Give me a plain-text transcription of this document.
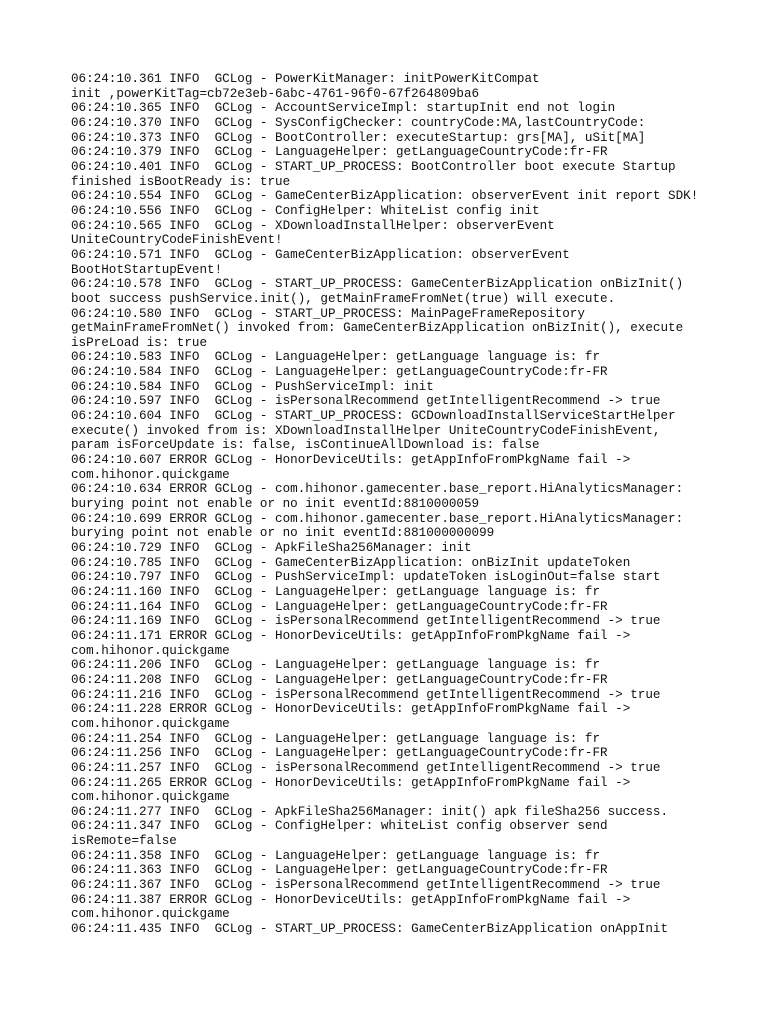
06:24:10.361 INFO  GCLog - PowerKitManager: initPowerKitCompat
init ,powerKitTag=cb72e3eb-6abc-4761-96f0-67f264809ba6
06:24:10.365 INFO  GCLog - AccountServiceImpl: startupInit end not login
06:24:10.370 INFO  GCLog - SysConfigChecker: countryCode:MA,lastCountryCode:
06:24:10.373 INFO  GCLog - BootController: executeStartup: grs[MA], uSit[MA]
06:24:10.379 INFO  GCLog - LanguageHelper: getLanguageCountryCode:fr-FR
06:24:10.401 INFO  GCLog - START_UP_PROCESS: BootController boot execute Startup
finished isBootReady is: true
06:24:10.554 INFO  GCLog - GameCenterBizApplication: observerEvent init report SDK!
06:24:10.556 INFO  GCLog - ConfigHelper: WhiteList config init
06:24:10.565 INFO  GCLog - XDownloadInstallHelper: observerEvent
UniteCountryCodeFinishEvent!
06:24:10.571 INFO  GCLog - GameCenterBizApplication: observerEvent
BootHotStartupEvent!
06:24:10.578 INFO  GCLog - START_UP_PROCESS: GameCenterBizApplication onBizInit()
boot success pushService.init(), getMainFrameFromNet(true) will execute.
06:24:10.580 INFO  GCLog - START_UP_PROCESS: MainPageFrameRepository
getMainFrameFromNet() invoked from: GameCenterBizApplication onBizInit(), execute
isPreLoad is: true
06:24:10.583 INFO  GCLog - LanguageHelper: getLanguage language is: fr
06:24:10.584 INFO  GCLog - LanguageHelper: getLanguageCountryCode:fr-FR
06:24:10.584 INFO  GCLog - PushServiceImpl: init
06:24:10.597 INFO  GCLog - isPersonalRecommend getIntelligentRecommend -> true
06:24:10.604 INFO  GCLog - START_UP_PROCESS: GCDownloadInstallServiceStartHelper
execute() invoked from is: XDownloadInstallHelper UniteCountryCodeFinishEvent,
param isForceUpdate is: false, isContinueAllDownload is: false
06:24:10.607 ERROR GCLog - HonorDeviceUtils: getAppInfoFromPkgName fail ->
com.hihonor.quickgame
06:24:10.634 ERROR GCLog - com.hihonor.gamecenter.base_report.HiAnalyticsManager:
burying point not enable or no init eventId:8810000059
06:24:10.699 ERROR GCLog - com.hihonor.gamecenter.base_report.HiAnalyticsManager:
burying point not enable or no init eventId:881000000099
06:24:10.729 INFO  GCLog - ApkFileSha256Manager: init
06:24:10.785 INFO  GCLog - GameCenterBizApplication: onBizInit updateToken
06:24:10.797 INFO  GCLog - PushServiceImpl: updateToken isLoginOut=false start
06:24:11.160 INFO  GCLog - LanguageHelper: getLanguage language is: fr
06:24:11.164 INFO  GCLog - LanguageHelper: getLanguageCountryCode:fr-FR
06:24:11.169 INFO  GCLog - isPersonalRecommend getIntelligentRecommend -> true
06:24:11.171 ERROR GCLog - HonorDeviceUtils: getAppInfoFromPkgName fail ->
com.hihonor.quickgame
06:24:11.206 INFO  GCLog - LanguageHelper: getLanguage language is: fr
06:24:11.208 INFO  GCLog - LanguageHelper: getLanguageCountryCode:fr-FR
06:24:11.216 INFO  GCLog - isPersonalRecommend getIntelligentRecommend -> true
06:24:11.228 ERROR GCLog - HonorDeviceUtils: getAppInfoFromPkgName fail ->
com.hihonor.quickgame
06:24:11.254 INFO  GCLog - LanguageHelper: getLanguage language is: fr
06:24:11.256 INFO  GCLog - LanguageHelper: getLanguageCountryCode:fr-FR
06:24:11.257 INFO  GCLog - isPersonalRecommend getIntelligentRecommend -> true
06:24:11.265 ERROR GCLog - HonorDeviceUtils: getAppInfoFromPkgName fail ->
com.hihonor.quickgame
06:24:11.277 INFO  GCLog - ApkFileSha256Manager: init() apk fileSha256 success.
06:24:11.347 INFO  GCLog - ConfigHelper: whiteList config observer send
isRemote=false
06:24:11.358 INFO  GCLog - LanguageHelper: getLanguage language is: fr
06:24:11.363 INFO  GCLog - LanguageHelper: getLanguageCountryCode:fr-FR
06:24:11.367 INFO  GCLog - isPersonalRecommend getIntelligentRecommend -> true
06:24:11.387 ERROR GCLog - HonorDeviceUtils: getAppInfoFromPkgName fail ->
com.hihonor.quickgame
06:24:11.435 INFO  GCLog - START_UP_PROCESS: GameCenterBizApplication onAppInit
